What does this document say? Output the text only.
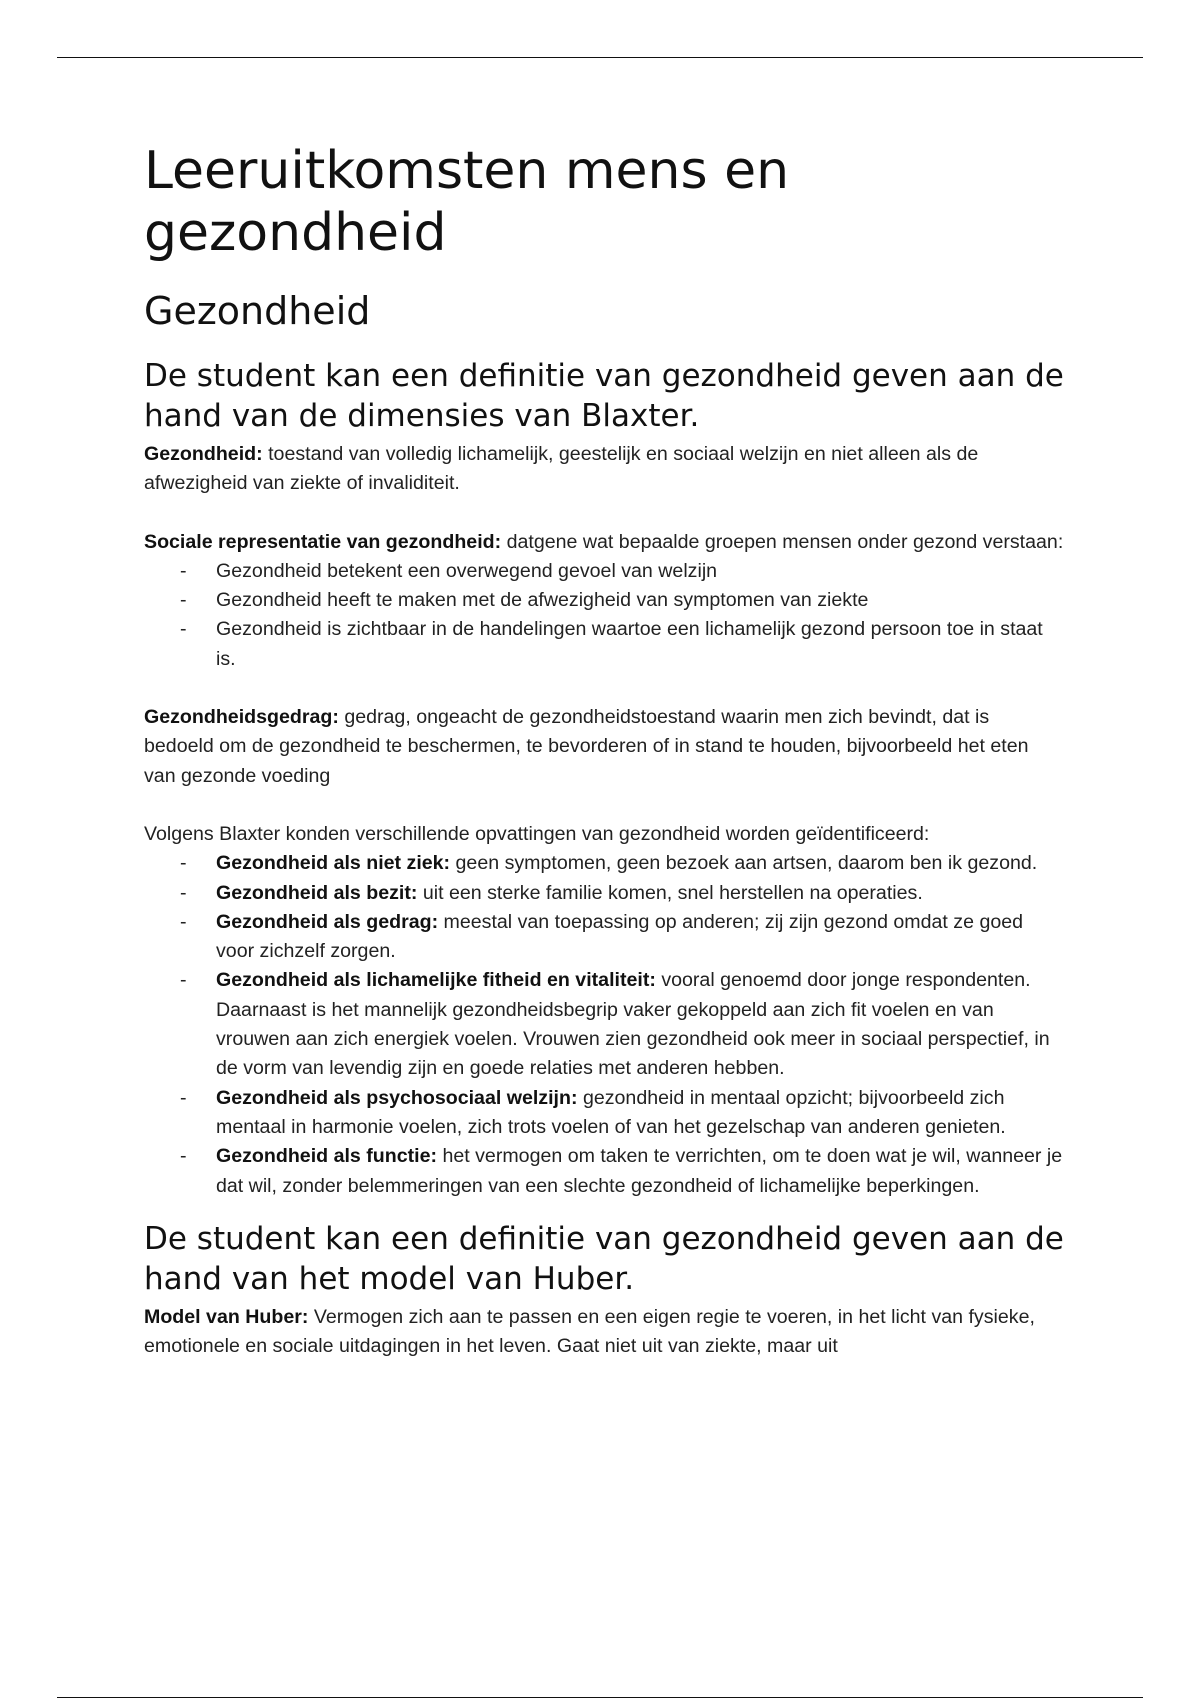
Leeruitkomsten mens en gezondheid
Gezondheid
De student kan een definitie van gezondheid geven aan de hand van de dimensies van Blaxter.

Gezondheid: toestand van volledig lichamelijk, geestelijk en sociaal welzijn en niet alleen als de afwezigheid van ziekte of invaliditeit.

Sociale representatie van gezondheid: datgene wat bepaalde groepen mensen onder gezond verstaan:

- Gezondheid betekent een overwegend gevoel van welzijn
- Gezondheid heeft te maken met de afwezigheid van symptomen van ziekte
- Gezondheid is zichtbaar in de handelingen waartoe een lichamelijk gezond persoon toe in staat is.

Gezondheidsgedrag: gedrag, ongeacht de gezondheidstoestand waarin men zich bevindt, dat is bedoeld om de gezondheid te beschermen, te bevorderen of in stand te houden, bijvoorbeeld het eten van gezonde voeding

Volgens Blaxter konden verschillende opvattingen van gezondheid worden geïdentificeerd:

- Gezondheid als niet ziek: geen symptomen, geen bezoek aan artsen, daarom ben ik gezond.
- Gezondheid als bezit: uit een sterke familie komen, snel herstellen na operaties.
- Gezondheid als gedrag: meestal van toepassing op anderen; zij zijn gezond omdat ze goed voor zichzelf zorgen.
- Gezondheid als lichamelijke fitheid en vitaliteit: vooral genoemd door jonge respondenten. Daarnaast is het mannelijk gezondheidsbegrip vaker gekoppeld aan zich fit voelen en van vrouwen aan zich energiek voelen. Vrouwen zien gezondheid ook meer in sociaal perspectief, in de vorm van levendig zijn en goede relaties met anderen hebben.
- Gezondheid als psychosociaal welzijn: gezondheid in mentaal opzicht; bijvoorbeeld zich mentaal in harmonie voelen, zich trots voelen of van het gezelschap van anderen genieten.
- Gezondheid als functie: het vermogen om taken te verrichten, om te doen wat je wil, wanneer je dat wil, zonder belemmeringen van een slechte gezondheid of lichamelijke beperkingen.
De student kan een definitie van gezondheid geven aan de hand van het model van Huber.

Model van Huber: Vermogen zich aan te passen en een eigen regie te voeren, in het licht van fysieke, emotionele en sociale uitdagingen in het leven. Gaat niet uit van ziekte, maar uit
